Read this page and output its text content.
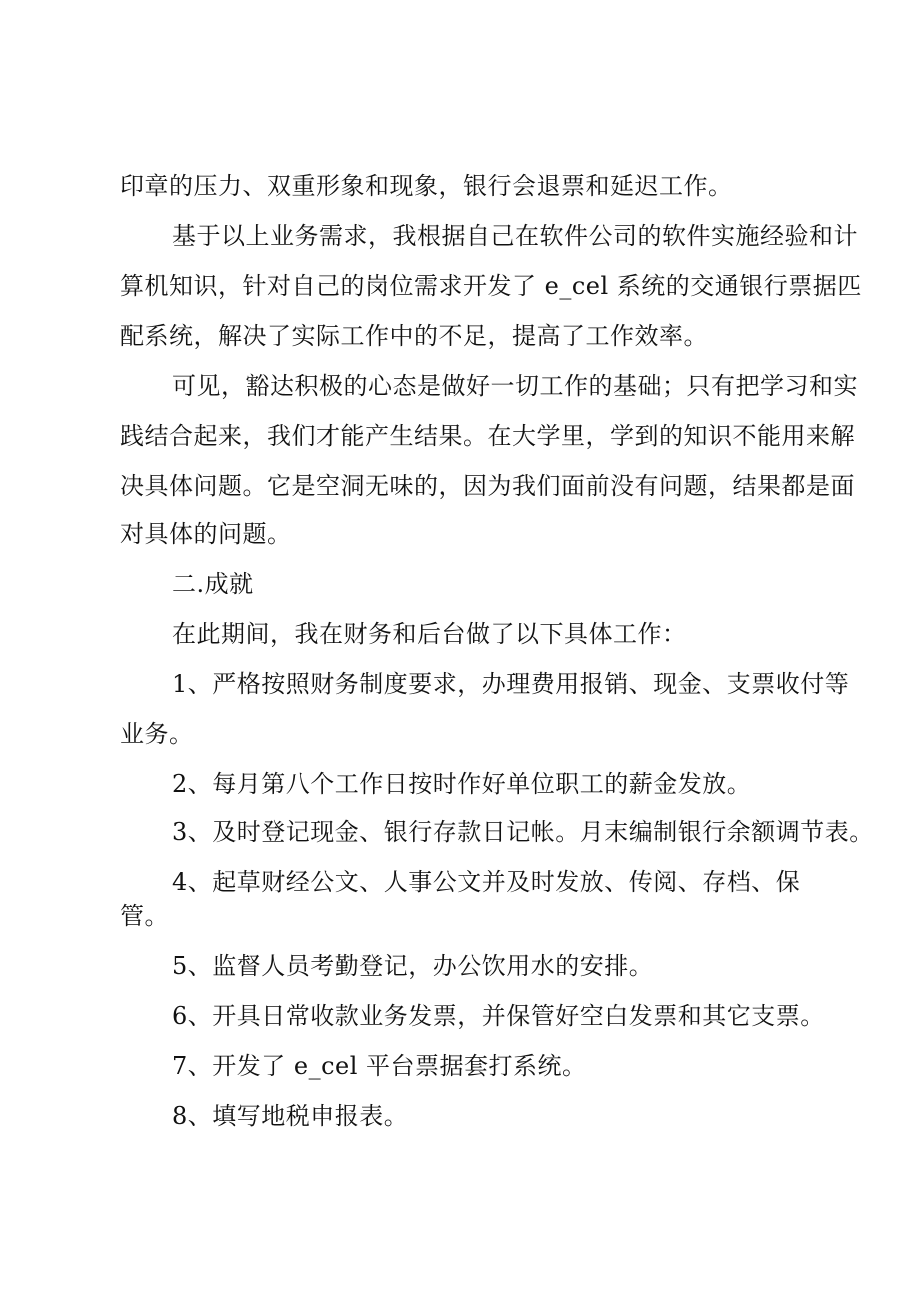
印章的压力、双重形象和现象，银行会退票和延迟工作。
基于以上业务需求，我根据自己在软件公司的软件实施经验和计
算机知识，针对自己的岗位需求开发了 e_cel 系统的交通银行票据匹
配系统，解决了实际工作中的不足，提高了工作效率。
可见，豁达积极的心态是做好一切工作的基础；只有把学习和实
践结合起来，我们才能产生结果。在大学里，学到的知识不能用来解
决具体问题。它是空洞无味的，因为我们面前没有问题，结果都是面
对具体的问题。
二.成就
在此期间，我在财务和后台做了以下具体工作：
1、严格按照财务制度要求，办理费用报销、现金、支票收付等
业务。
2、每月第八个工作日按时作好单位职工的薪金发放。
3、及时登记现金、银行存款日记帐。月末编制银行余额调节表。
4、起草财经公文、人事公文并及时发放、传阅、存档、保
管。
5、监督人员考勤登记，办公饮用水的安排。
6、开具日常收款业务发票，并保管好空白发票和其它支票。
7、开发了 e_cel 平台票据套打系统。
8、填写地税申报表。
